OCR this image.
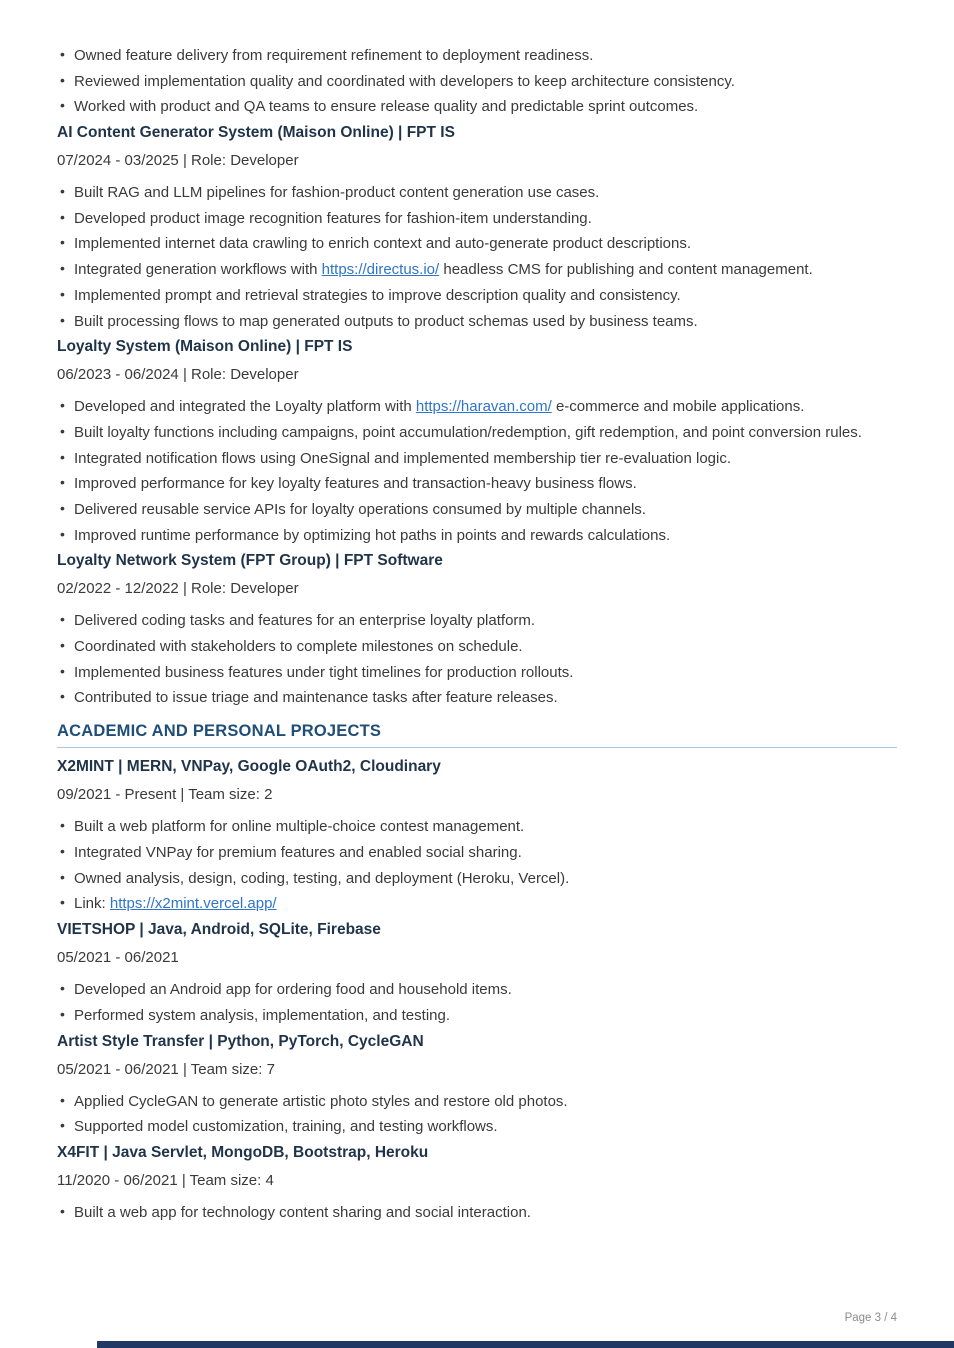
• Owned feature delivery from requirement refinement to deployment readiness.
• Reviewed implementation quality and coordinated with developers to keep architecture consistency.
• Worked with product and QA teams to ensure release quality and predictable sprint outcomes.
AI Content Generator System (Maison Online) | FPT IS

07/2024 - 03/2025 | Role: Developer

• Built RAG and LLM pipelines for fashion-product content generation use cases.
• Developed product image recognition features for fashion-item understanding.
• Implemented internet data crawling to enrich context and auto-generate product descriptions.
• Integrated generation workflows with https://directus.io/ headless CMS for publishing and content management.
• Implemented prompt and retrieval strategies to improve description quality and consistency.
• Built processing flows to map generated outputs to product schemas used by business teams.
Loyalty System (Maison Online) | FPT IS

06/2023 - 06/2024 | Role: Developer

• Developed and integrated the Loyalty platform with https://haravan.com/ e-commerce and mobile applications.
• Built loyalty functions including campaigns, point accumulation/redemption, gift redemption, and point conversion rules.
• Integrated notification flows using OneSignal and implemented membership tier re-evaluation logic.
• Improved performance for key loyalty features and transaction-heavy business flows.
• Delivered reusable service APIs for loyalty operations consumed by multiple channels.
• Improved runtime performance by optimizing hot paths in points and rewards calculations.
Loyalty Network System (FPT Group) | FPT Software

02/2022 - 12/2022 | Role: Developer

• Delivered coding tasks and features for an enterprise loyalty platform.
• Coordinated with stakeholders to complete milestones on schedule.
• Implemented business features under tight timelines for production rollouts.
• Contributed to issue triage and maintenance tasks after feature releases.
ACADEMIC AND PERSONAL PROJECTS
X2MINT | MERN, VNPay, Google OAuth2, Cloudinary

09/2021 - Present | Team size: 2

• Built a web platform for online multiple-choice contest management.
• Integrated VNPay for premium features and enabled social sharing.
• Owned analysis, design, coding, testing, and deployment (Heroku, Vercel).
• Link: https://x2mint.vercel.app/
VIETSHOP | Java, Android, SQLite, Firebase

05/2021 - 06/2021

• Developed an Android app for ordering food and household items.
• Performed system analysis, implementation, and testing.
Artist Style Transfer | Python, PyTorch, CycleGAN

05/2021 - 06/2021 | Team size: 7

• Applied CycleGAN to generate artistic photo styles and restore old photos.
• Supported model customization, training, and testing workflows.
X4FIT | Java Servlet, MongoDB, Bootstrap, Heroku

11/2020 - 06/2021 | Team size: 4

• Built a web app for technology content sharing and social interaction.
Page 3 / 4
